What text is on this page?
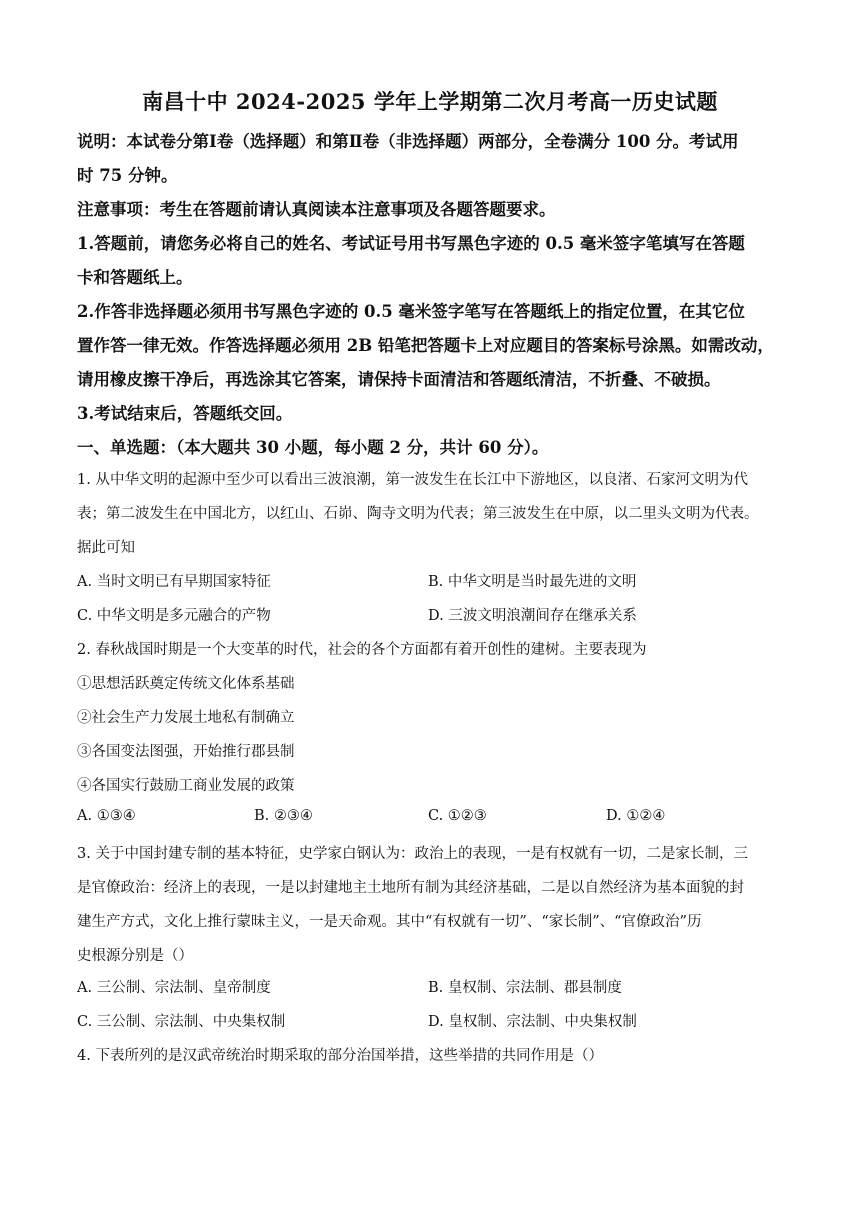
南昌十中 2024-2025 学年上学期第二次月考高一历史试题
说明：本试卷分第Ⅰ卷（选择题）和第Ⅱ卷（非选择题）两部分，全卷满分 100 分。考试用
时 75 分钟。
注意事项：考生在答题前请认真阅读本注意事项及各题答题要求。
1.答题前，请您务必将自己的姓名、考试证号用书写黑色字迹的 0.5 毫米签字笔填写在答题
卡和答题纸上。
2.作答非选择题必须用书写黑色字迹的 0.5 毫米签字笔写在答题纸上的指定位置，在其它位
置作答一律无效。作答选择题必须用 2B 铅笔把答题卡上对应题目的答案标号涂黑。如需改动，
请用橡皮擦干净后，再选涂其它答案，请保持卡面清洁和答题纸清洁，不折叠、不破损。
3.考试结束后，答题纸交回。
一、单选题：（本大题共 30 小题，每小题 2 分，共计 60 分）。
1. 从中华文明的起源中至少可以看出三波浪潮，第一波发生在长江中下游地区，以良渚、石家河文明为代
表；第二波发生在中国北方，以红山、石峁、陶寺文明为代表；第三波发生在中原，以二里头文明为代表。
据此可知
A. 当时文明已有早期国家特征	B. 中华文明是当时最先进的文明
C. 中华文明是多元融合的产物	D. 三波文明浪潮间存在继承关系
2. 春秋战国时期是一个大变革的时代，社会的各个方面都有着开创性的建树。主要表现为
①思想活跃奠定传统文化体系基础
②社会生产力发展土地私有制确立
③各国变法图强，开始推行郡县制
④各国实行鼓励工商业发展的政策
A. ①③④	B. ②③④	C. ①②③	D. ①②④
3. 关于中国封建专制的基本特征，史学家白钢认为：政治上的表现，一是有权就有一切，二是家长制，三
是官僚政治：经济上的表现，一是以封建地主土地所有制为其经济基础，二是以自然经济为基本面貌的封
建生产方式，文化上推行蒙昧主义，一是天命观。其中“有权就有一切”、“家长制”、“官僚政治”历
史根源分别是（）
A. 三公制、宗法制、皇帝制度	B. 皇权制、宗法制、郡县制度
C. 三公制、宗法制、中央集权制	D. 皇权制、宗法制、中央集权制
4. 下表所列的是汉武帝统治时期采取的部分治国举措，这些举措的共同作用是（）
